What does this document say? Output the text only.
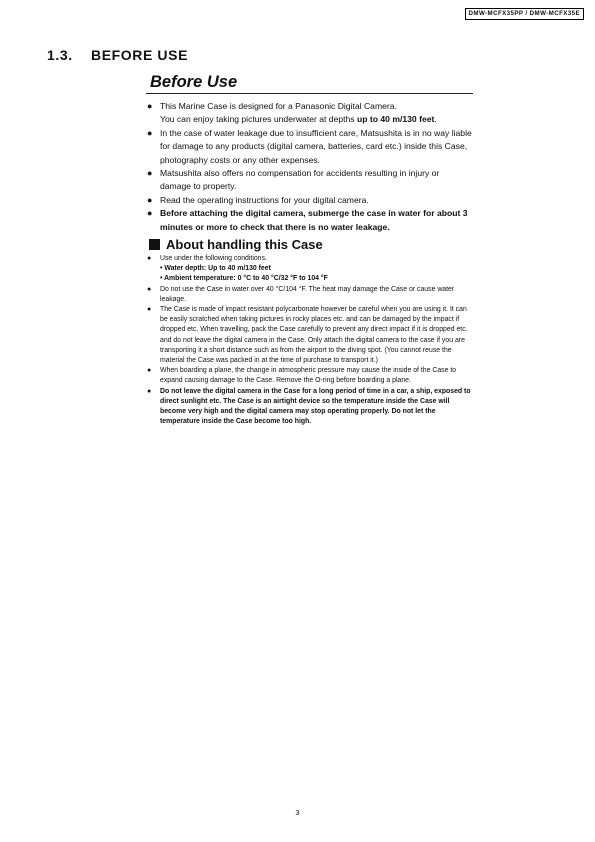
DMW-MCFX35PP / DMW-MCFX35E
1.3. BEFORE USE
Before Use
● This Marine Case is designed for a Panasonic Digital Camera.
You can enjoy taking pictures underwater at depths up to 40 m/130 feet.
● In the case of water leakage due to insufficient care, Matsushita is in no way liable for damage to any products (digital camera, batteries, card etc.) inside this Case, photography costs or any other expenses.
● Matsushita also offers no compensation for accidents resulting in injury or damage to property.
● Read the operating instructions for your digital camera.
● Before attaching the digital camera, submerge the case in water for about 3 minutes or more to check that there is no water leakage.
About handling this Case
● Use under the following conditions.
• Water depth: Up to 40 m/130 feet
• Ambient temperature: 0 °C to 40 °C/32 °F to 104 °F
● Do not use the Case in water over 40 °C/104 °F. The heat may damage the Case or cause water leakage.
● The Case is made of impact resistant polycarbonate however be careful when you are using it. It can be easily scratched when taking pictures in rocky places etc. and can be damaged by the impact if dropped etc. When travelling, pack the Case carefully to prevent any direct impact if it is dropped etc. and do not leave the digital camera in the Case. Only attach the digital camera to the case if you are transporting it a short distance such as from the airport to the diving spot. (You cannot reuse the material the Case was packed in at the time of purchase to transport it.)
● When boarding a plane, the change in atmospheric pressure may cause the inside of the Case to expand causing damage to the Case. Remove the O-ring before boarding a plane.
● Do not leave the digital camera in the Case for a long period of time in a car, a ship, exposed to direct sunlight etc. The Case is an airtight device so the temperature inside the Case will become very high and the digital camera may stop operating properly. Do not let the temperature inside the Case become too high.
3
